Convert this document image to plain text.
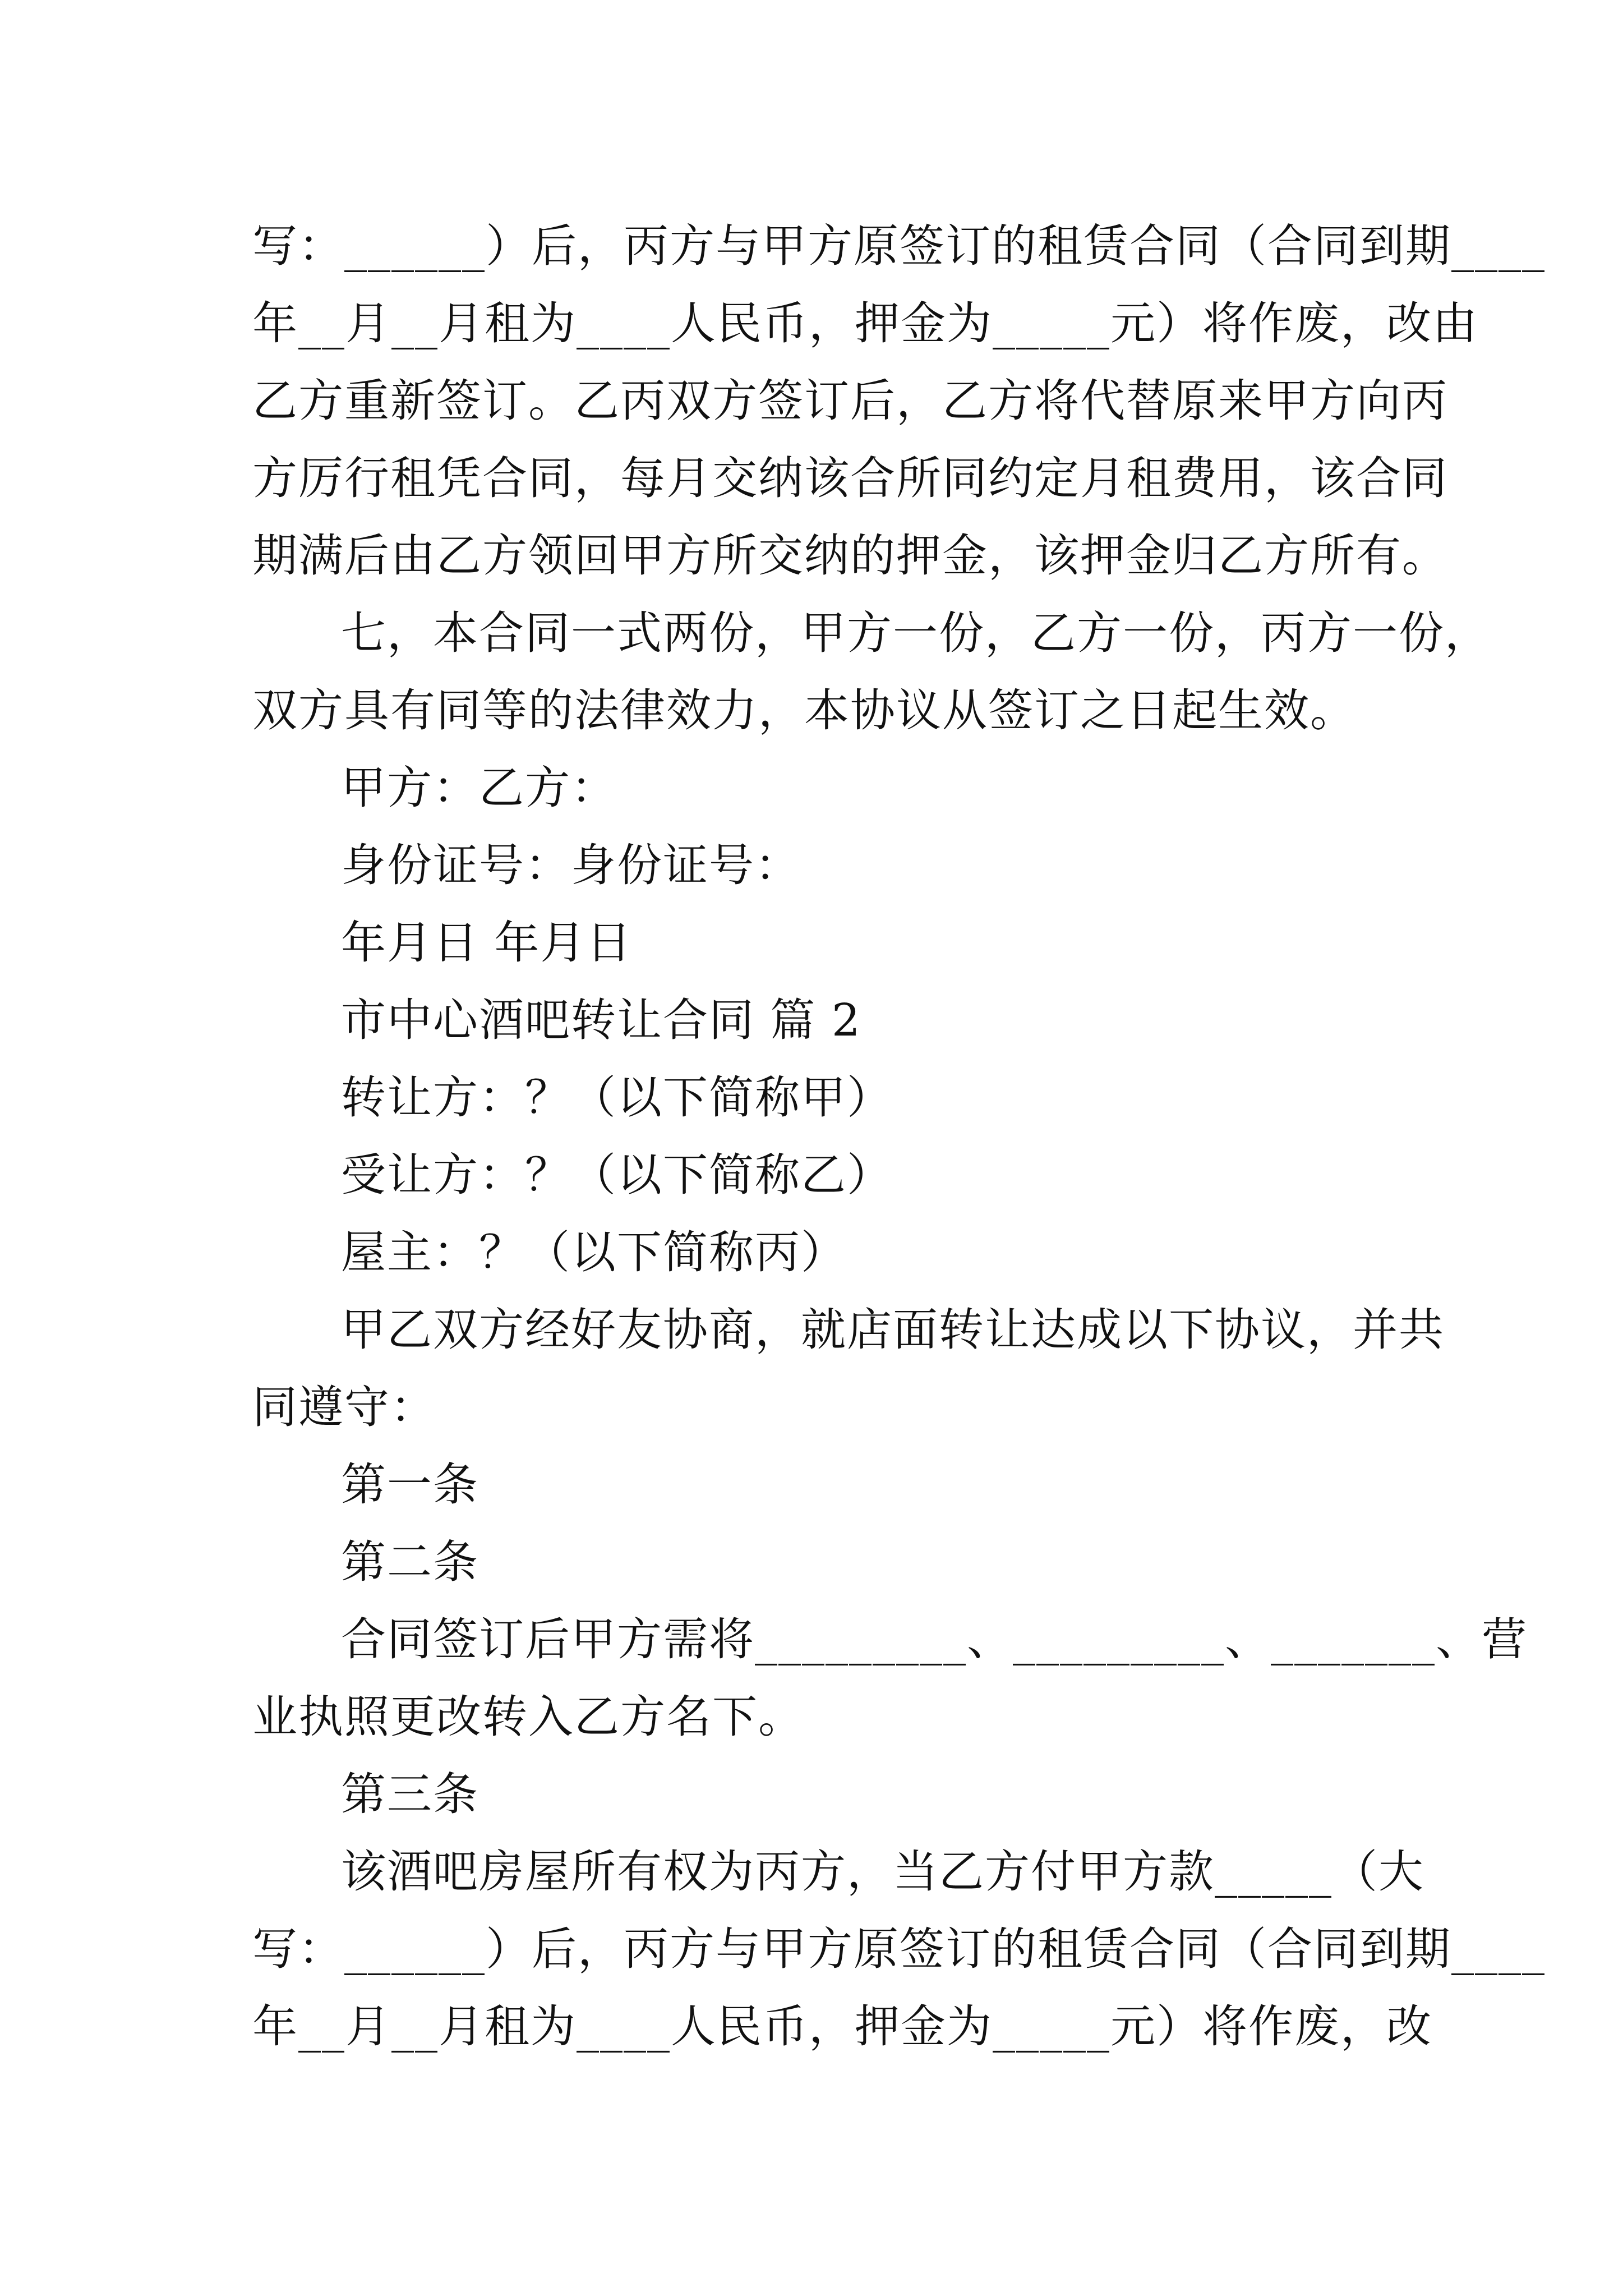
写：______）后，丙方与甲方原签订的租赁合同（合同到期____
年__月__月租为____人民币，押金为_____元）将作废，改由
乙方重新签订。乙丙双方签订后，乙方将代替原来甲方向丙
方厉行租凭合同，每月交纳该合所同约定月租费用，该合同
期满后由乙方领回甲方所交纳的押金，该押金归乙方所有。
七，本合同一式两份，甲方一份，乙方一份，丙方一份，
双方具有同等的法律效力，本协议从签订之日起生效。
甲方：乙方：
身份证号：身份证号：
年月日 年月日
市中心酒吧转让合同 篇 2
转让方：？（以下简称甲）
受让方：？（以下简称乙）
屋主：？（以下简称丙）
甲乙双方经好友协商，就店面转让达成以下协议，并共
同遵守：
第一条
第二条
合同签订后甲方需将_________、_________、_______、营
业执照更改转入乙方名下。
第三条
该酒吧房屋所有权为丙方，当乙方付甲方款_____（大
写：______）后，丙方与甲方原签订的租赁合同（合同到期____
年__月__月租为____人民币，押金为_____元）将作废，改
